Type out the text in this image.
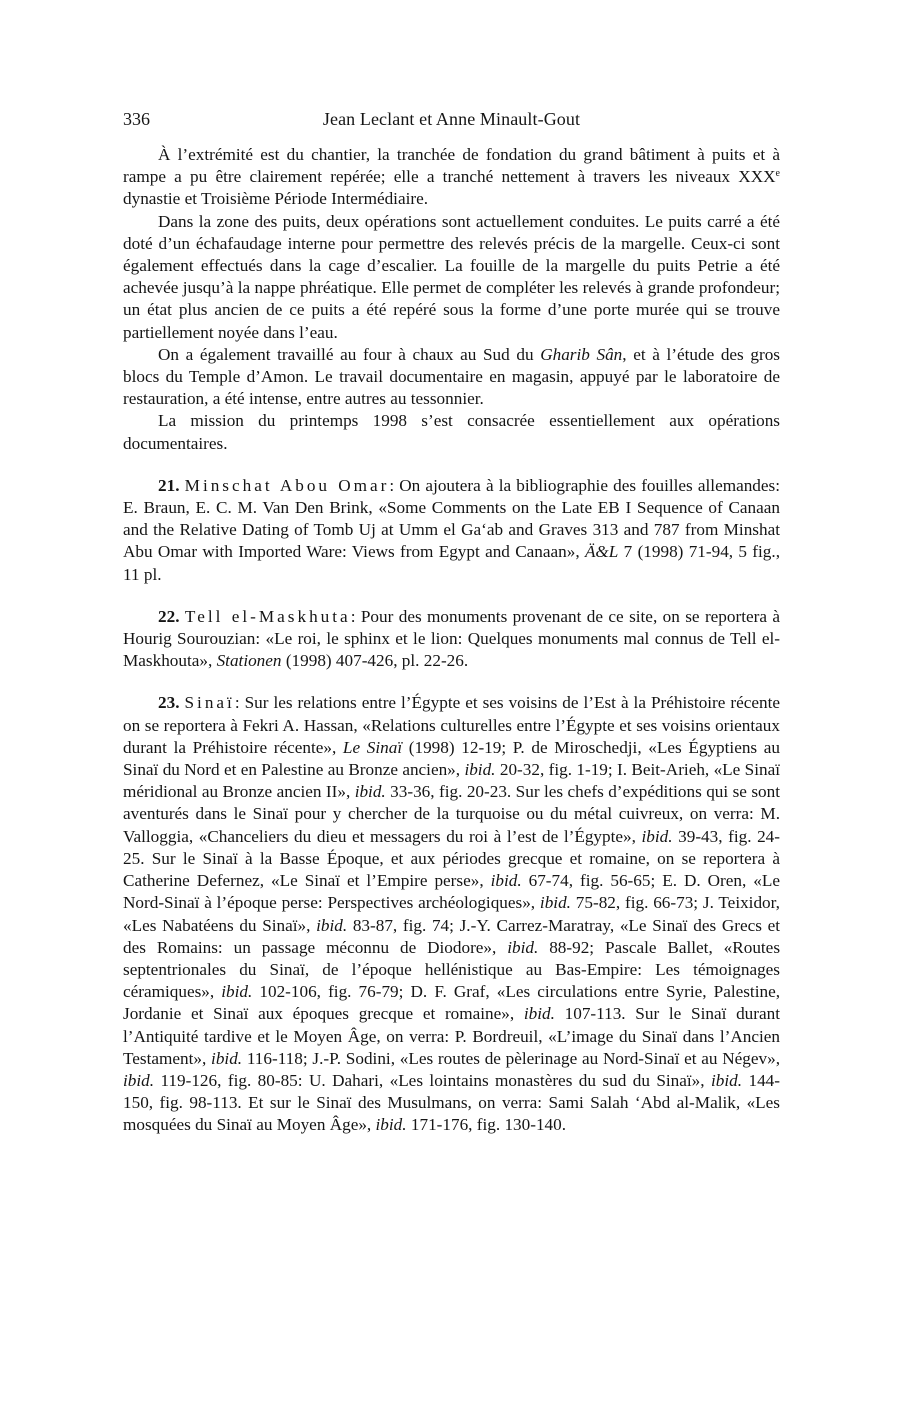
336	Jean Leclant et Anne Minault-Gout

À l’extrémité est du chantier, la tranchée de fondation du grand bâtiment à puits et à rampe a pu être clairement repérée; elle a tranché nettement à travers les niveaux XXXe dynastie et Troisième Période Intermédiaire.

Dans la zone des puits, deux opérations sont actuellement conduites. Le puits carré a été doté d’un échafaudage interne pour permettre des relevés précis de la margelle. Ceux-ci sont également effectués dans la cage d’escalier. La fouille de la margelle du puits Petrie a été achevée jusqu’à la nappe phréatique. Elle permet de compléter les relevés à grande profondeur; un état plus ancien de ce puits a été repéré sous la forme d’une porte murée qui se trouve partiellement noyée dans l’eau.

On a également travaillé au four à chaux au Sud du Gharib Sân, et à l’étude des gros blocs du Temple d’Amon. Le travail documentaire en magasin, appuyé par le laboratoire de restauration, a été intense, entre autres au tessonnier.

La mission du printemps 1998 s’est consacrée essentiellement aux opérations documentaires.

21. Minschat Abou Omar: On ajoutera à la bibliographie des fouilles allemandes: E. Braun, E. C. M. Van Den Brink, «Some Comments on the Late EB I Sequence of Canaan and the Relative Dating of Tomb Uj at Umm el Ga‘ab and Graves 313 and 787 from Minshat Abu Omar with Imported Ware: Views from Egypt and Canaan», Ä&L 7 (1998) 71-94, 5 fig., 11 pl.

22. Tell el-Maskhuta: Pour des monuments provenant de ce site, on se reportera à Hourig Sourouzian: «Le roi, le sphinx et le lion: Quelques monuments mal connus de Tell el-Maskhouta», Stationen (1998) 407-426, pl. 22-26.

23. Sinaï: Sur les relations entre l’Égypte et ses voisins de l’Est à la Préhistoire récente on se reportera à Fekri A. Hassan, «Relations culturelles entre l’Égypte et ses voisins orientaux durant la Préhistoire récente», Le Sinaï (1998) 12-19; P. de Miroschedji, «Les Égyptiens au Sinaï du Nord et en Palestine au Bronze ancien», ibid. 20-32, fig. 1-19; I. Beit-Arieh, «Le Sinaï méridional au Bronze ancien II», ibid. 33-36, fig. 20-23. Sur les chefs d’expéditions qui se sont aventurés dans le Sinaï pour y chercher de la turquoise ou du métal cuivreux, on verra: M. Valloggia, «Chanceliers du dieu et messagers du roi à l’est de l’Égypte», ibid. 39-43, fig. 24-25. Sur le Sinaï à la Basse Époque, et aux périodes grecque et romaine, on se reportera à Catherine Defernez, «Le Sinaï et l’Empire perse», ibid. 67-74, fig. 56-65; E. D. Oren, «Le Nord-Sinaï à l’époque perse: Perspectives archéologiques», ibid. 75-82, fig. 66-73; J. Teixidor, «Les Nabatéens du Sinaï», ibid. 83-87, fig. 74; J.-Y. Carrez-Maratray, «Le Sinaï des Grecs et des Romains: un passage méconnu de Diodore», ibid. 88-92; Pascale Ballet, «Routes septentrionales du Sinaï, de l’époque hellénistique au Bas-Empire: Les témoignages céramiques», ibid. 102-106, fig. 76-79; D. F. Graf, «Les circulations entre Syrie, Palestine, Jordanie et Sinaï aux époques grecque et romaine», ibid. 107-113. Sur le Sinaï durant l’Antiquité tardive et le Moyen Âge, on verra: P. Bordreuil, «L’image du Sinaï dans l’Ancien Testament», ibid. 116-118; J.-P. Sodini, «Les routes de pèlerinage au Nord-Sinaï et au Négev», ibid. 119-126, fig. 80-85: U. Dahari, «Les lointains monastères du sud du Sinaï», ibid. 144-150, fig. 98-113. Et sur le Sinaï des Musulmans, on verra: Sami Salah ‘Abd al-Malik, «Les mosquées du Sinaï au Moyen Âge», ibid. 171-176, fig. 130-140.
